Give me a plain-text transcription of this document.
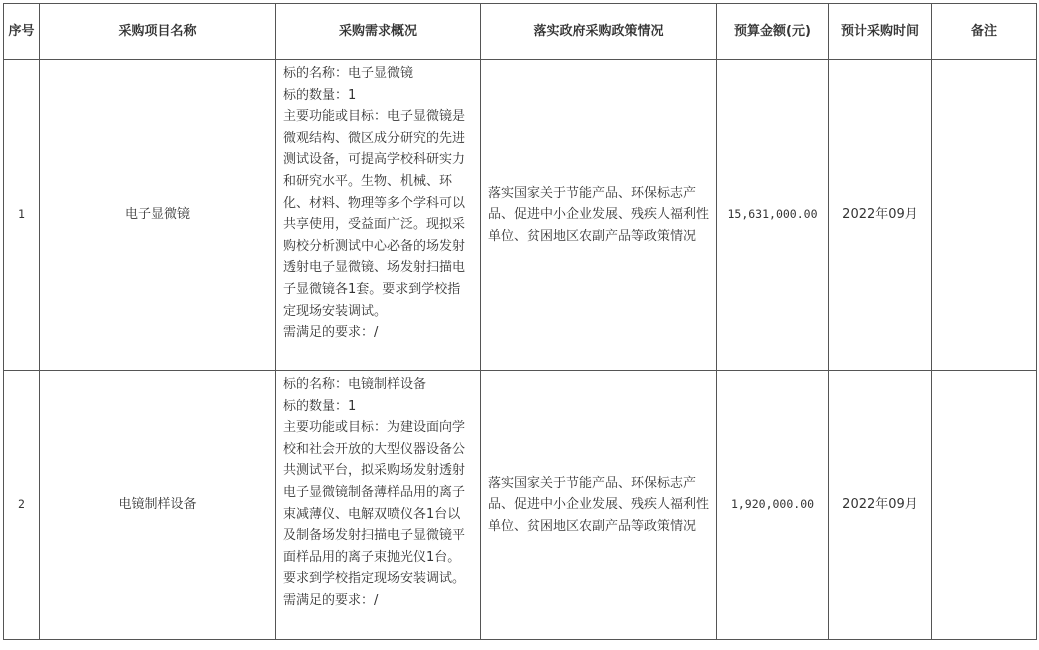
序号	采购项目名称	采购需求概况	落实政府采购政策情况	预算金额(元)	预计采购时间	备注
1	电子显微镜	标的名称：电子显微镜
标的数量：1
主要功能或目标：电子显微镜是微观结构、微区成分研究的先进测试设备，可提高学校科研实力和研究水平。生物、机械、环化、材料、物理等多个学科可以共享使用，受益面广泛。现拟采购校分析测试中心必备的场发射透射电子显微镜、场发射扫描电子显微镜各1套。要求到学校指定现场安装调试。
需满足的要求：/	落实国家关于节能产品、环保标志产品、促进中小企业发展、残疾人福利性单位、贫困地区农副产品等政策情况	15,631,000.00	2022年09月	
2	电镜制样设备	标的名称：电镜制样设备
标的数量：1
主要功能或目标：为建设面向学校和社会开放的大型仪器设备公共测试平台，拟采购场发射透射电子显微镜制备薄样品用的离子束减薄仪、电解双喷仪各1台以及制备场发射扫描电子显微镜平面样品用的离子束抛光仪1台。要求到学校指定现场安装调试。
需满足的要求：/	落实国家关于节能产品、环保标志产品、促进中小企业发展、残疾人福利性单位、贫困地区农副产品等政策情况	1,920,000.00	2022年09月	
